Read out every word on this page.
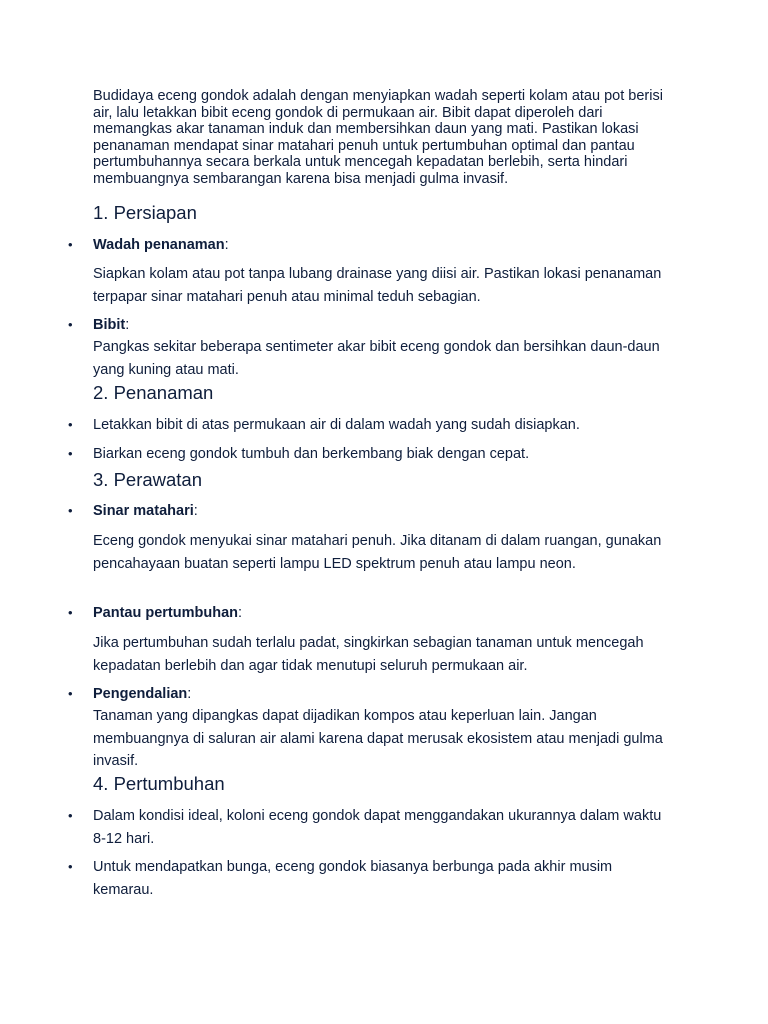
Budidaya eceng gondok adalah dengan menyiapkan wadah seperti kolam atau pot berisi air, lalu letakkan bibit eceng gondok di permukaan air. Bibit dapat diperoleh dari memangkas akar tanaman induk dan membersihkan daun yang mati. Pastikan lokasi penanaman mendapat sinar matahari penuh untuk pertumbuhan optimal dan pantau pertumbuhannya secara berkala untuk mencegah kepadatan berlebih, serta hindari membuangnya sembarangan karena bisa menjadi gulma invasif.

1. Persiapan
• Wadah penanaman:

Siapkan kolam atau pot tanpa lubang drainase yang diisi air. Pastikan lokasi penanaman terpapar sinar matahari penuh atau minimal teduh sebagian.

• Bibit:

Pangkas sekitar beberapa sentimeter akar bibit eceng gondok dan bersihkan daun-daun yang kuning atau mati.

2. Penanaman
• Letakkan bibit di atas permukaan air di dalam wadah yang sudah disiapkan.

• Biarkan eceng gondok tumbuh dan berkembang biak dengan cepat.

3. Perawatan
• Sinar matahari:

Eceng gondok menyukai sinar matahari penuh. Jika ditanam di dalam ruangan, gunakan pencahayaan buatan seperti lampu LED spektrum penuh atau lampu neon.

• Pantau pertumbuhan:

Jika pertumbuhan sudah terlalu padat, singkirkan sebagian tanaman untuk mencegah kepadatan berlebih dan agar tidak menutupi seluruh permukaan air.

• Pengendalian:

Tanaman yang dipangkas dapat dijadikan kompos atau keperluan lain. Jangan membuangnya di saluran air alami karena dapat merusak ekosistem atau menjadi gulma invasif.

4. Pertumbuhan
• Dalam kondisi ideal, koloni eceng gondok dapat menggandakan ukurannya dalam waktu 8-12 hari.

• Untuk mendapatkan bunga, eceng gondok biasanya berbunga pada akhir musim kemarau.
